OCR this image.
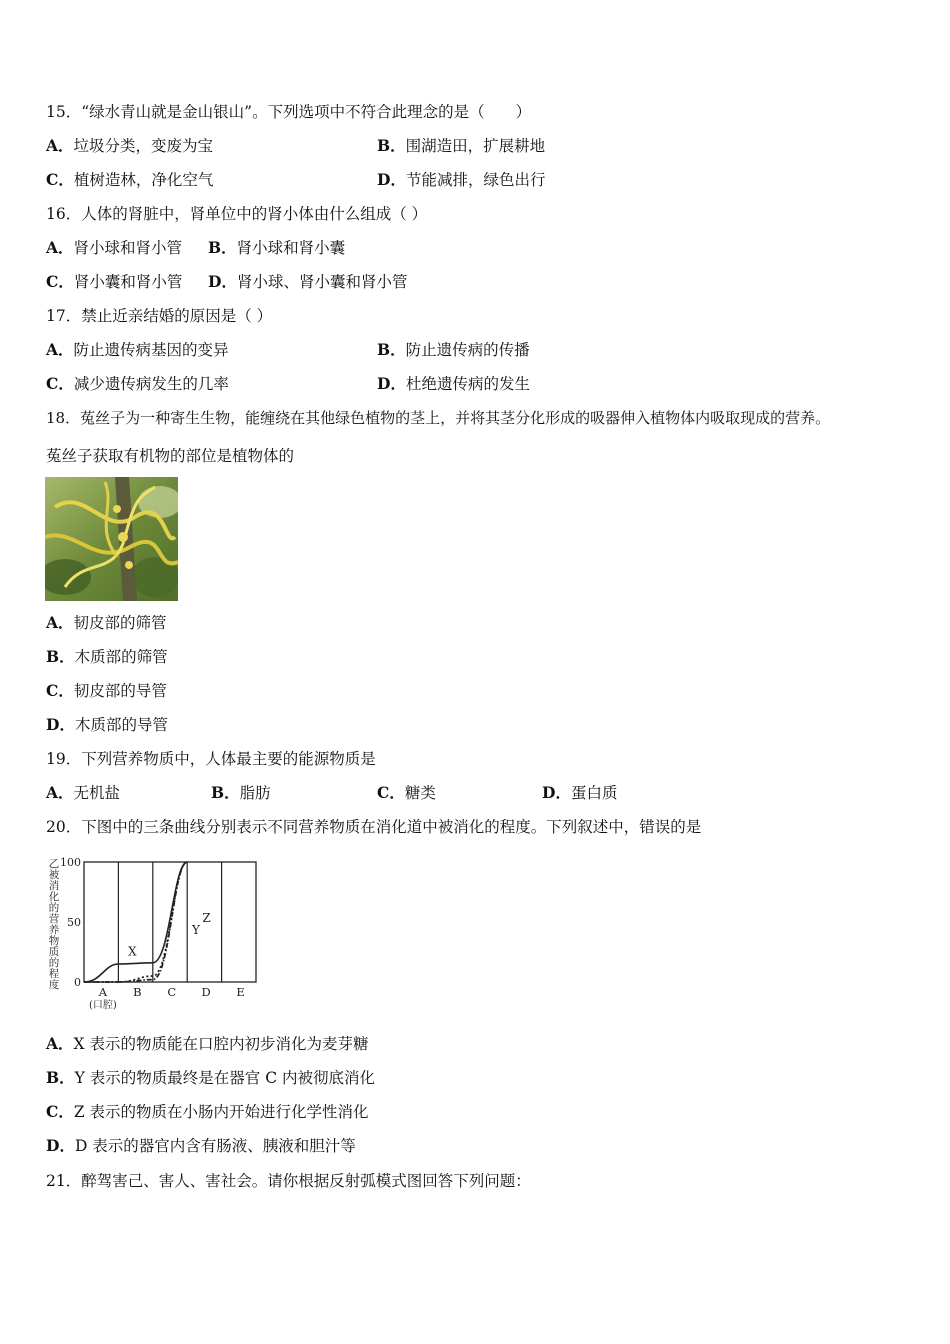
15．“绿水青山就是金山银山”。下列选项中不符合此理念的是（　　）
A．垃圾分类，变废为宝	B．围湖造田，扩展耕地
C．植树造林，净化空气	D．节能减排，绿色出行
16．人体的肾脏中，肾单位中的肾小体由什么组成（ ）
A．肾小球和肾小管 B．肾小球和肾小囊
C．肾小囊和肾小管 D．肾小球、肾小囊和肾小管
17．禁止近亲结婚的原因是（ ）
A．防止遗传病基因的变异	B．防止遗传病的传播
C．减少遗传病发生的几率	D．杜绝遗传病的发生
18．菟丝子为一种寄生生物，能缠绕在其他绿色植物的茎上，并将其茎分化形成的吸器伸入植物体内吸取现成的营养。
菟丝子获取有机物的部位是植物体的
A．韧皮部的筛管
B．木质部的筛管
C．韧皮部的导管
D．木质部的导管
19．下列营养物质中，人体最主要的能源物质是
A．无机盐	B．脂肪	C．糖类	D．蛋白质
20．下图中的三条曲线分别表示不同营养物质在消化道中被消化的程度。下列叙述中，错误的是
乙
被
消
化
的
营
养
物
质
的
程
度 0
50
100
A B C D E
(口腔)
X
Y
Z
A．X 表示的物质能在口腔内初步消化为麦芽糖
B．Y 表示的物质最终是在器官 C 内被彻底消化
C．Z 表示的物质在小肠内开始进行化学性消化
D．D 表示的器官内含有肠液、胰液和胆汁等
21．醉驾害己、害人、害社会。请你根据反射弧模式图回答下列问题：
